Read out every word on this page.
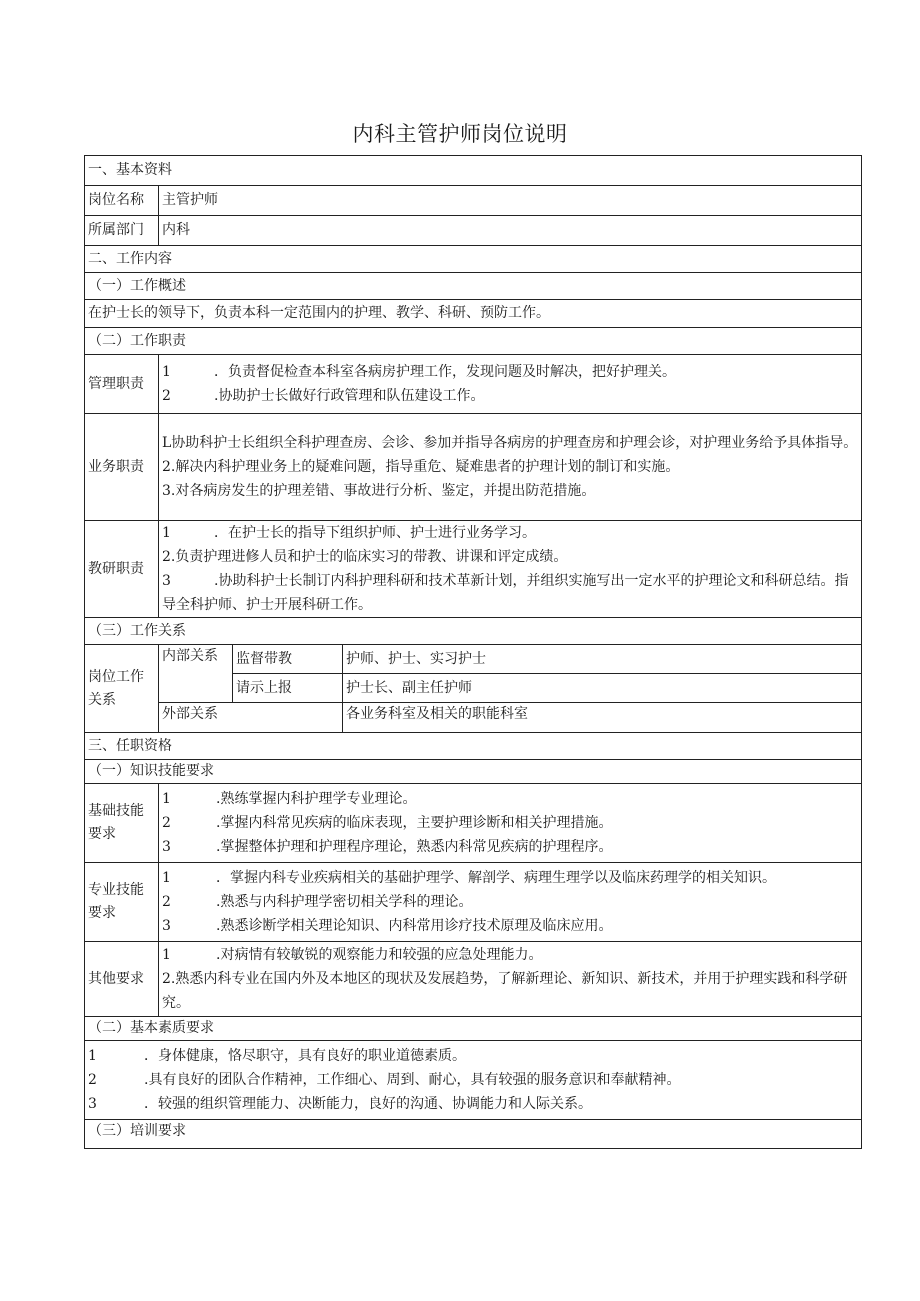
内科主管护师岗位说明
一、基本资料			
岗位名称	主管护师		
所属部门	内科		
二、工作内容			
（一）工作概述			
在护士长的领导下，负责本科一定范围内的护理、教学、科研、预防工作。			
（二）工作职责			
管理职责	1 ．负责督促检查本科室各病房护理工作，发现问题及时解决，把好护理关。
2 .协助护士长做好行政管理和队伍建设工作。		

业务职责	L协助科护士长组织全科护理查房、会诊、参加并指导各病房的护理查房和护理会诊，对护理业务给予具体指导。
2.解决内科护理业务上的疑难问题，指导重危、疑难患者的护理计划的制订和实施。
3.对各病房发生的护理差错、事故进行分析、鉴定，并提出防范措施。		

教研职责	1 ．在护士长的指导下组织护师、护士进行业务学习。
2.负责护理进修人员和护士的临床实习的带教、讲课和评定成绩。
3 .协助科护士长制订内科护理科研和技术革新计划，并组织实施写出一定水平的护理论文和科研总结。指导全科护师、护士开展科研工作。		

（三）工作关系			
岗位工作关系	内部关系	监督带教	护师、护士、实习护士
		请示上报	护士长、副主任护师
	外部关系		各业务科室及相关的职能科室
三、任职资格			
（一）知识技能要求			
基础技能要求	1 .熟练掌握内科护理学专业理论。
2 .掌握内科常见疾病的临床表现，主要护理诊断和相关护理措施。
3 .掌握整体护理和护理程序理论，熟悉内科常见疾病的护理程序。		

专业技能要求	1 ．掌握内科专业疾病相关的基础护理学、解剖学、病理生理学以及临床药理学的相关知识。
2 .熟悉与内科护理学密切相关学科的理论。
3 .熟悉诊断学相关理论知识、内科常用诊疗技术原理及临床应用。		

其他要求	1 .对病情有较敏锐的观察能力和较强的应急处理能力。
2.熟悉内科专业在国内外及本地区的现状及发展趋势，了解新理论、新知识、新技术，并用于护理实践和科学研究。		

（二）基本素质要求			

1 ．身体健康，恪尽职守，具有良好的职业道德素质。
2 .具有良好的团队合作精神，工作细心、周到、耐心，具有较强的服务意识和奉献精神。
3 ．较强的组织管理能力、决断能力，良好的沟通、协调能力和人际关系。			

（三）培训要求			
